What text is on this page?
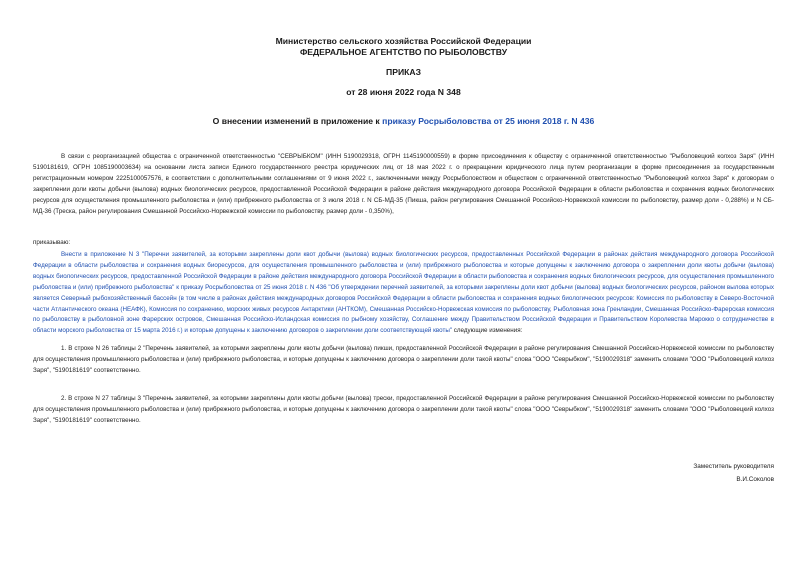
Министерство сельского хозяйства Российской Федерации
ФЕДЕРАЛЬНОЕ АГЕНТСТВО ПО РЫБОЛОВСТВУ
ПРИКАЗ
от 28 июня 2022 года N 348
О внесении изменений в приложение к приказу Росрыболовства от 25 июня 2018 г. N 436
В связи с реорганизацией общества с ограниченной ответственностью "СЕВРЫБКОМ" (ИНН 5190029318, ОГРН 1145190000559) в форме присоединения к обществу с ограниченной ответственностью "Рыболовецкий колхоз Заря" (ИНН 5190181619, ОГРН 1085190003634) на основании листа записи Единого государственного реестра юридических лиц от 18 мая 2022 г. о прекращении юридического лица путем реорганизации в форме присоединения за государственным регистрационным номером 2225100057576, в соответствии с дополнительными соглашениями от 9 июня 2022 г., заключенными между Росрыболовством и обществом с ограниченной ответственностью "Рыболовецкий колхоз Заря" к договорам о закреплении доли квоты добычи (вылова) водных биологических ресурсов, предоставленной Российской Федерации в районе действия международного договора Российской Федерации в области рыболовства и сохранения водных биологических ресурсов для осуществления промышленного рыболовства и (или) прибрежного рыболовства от 3 июля 2018 г. N СБ-МД-35 (Пикша, район регулирования Смешанной Российско-Норвежской комиссии по рыболовству, размер доли - 0,288%) и N СБ-МД-36 (Треска, район регулирования Смешанной Российско-Норвежской комиссии по рыболовству, размер доли - 0,350%),
приказываю:
Внести в приложение N 3 "Перечни заявителей, за которыми закреплены доли квот добычи (вылова) водных биологических ресурсов, предоставленных Российской Федерации в районах действия международного договора Российской Федерации в области рыболовства и сохранения водных биоресурсов, для осуществления промышленного рыболовства и (или) прибрежного рыболовства и которые допущены к заключению договора о закреплении доли квоты добычи (вылова) водных биологических ресурсов, предоставленной Российской Федерации в районе действия международного договора Российской Федерации в области рыболовства и сохранения водных биологических ресурсов, для осуществления промышленного рыболовства и (или) прибрежного рыболовства" к приказу Росрыболовства от 25 июня 2018 г. N 436 "Об утверждении перечней заявителей, за которыми закреплены доли квот добычи (вылова) водных биологических ресурсов, районом вылова которых является Северный рыбохозяйственный бассейн (в том числе в районах действия международных договоров Российской Федерации в области рыболовства и сохранения водных биологических ресурсов: Комиссия по рыболовству в Северо-Восточной части Атлантического океана (НЕАФК), Комиссия по сохранению, морских живых ресурсов Антарктики (АНТКОМ), Смешанная Российско-Норвежская комиссия по рыболовству, Рыболовная зона Гренландии, Смешанная Российско-Фарерская комиссия по рыболовству в рыболовной зоне Фарерских островов, Смешанная Российско-Исландская комиссия по рыбному хозяйству, Соглашение между Правительством Российской Федерации и Правительством Королевства Марокко о сотрудничестве в области морского рыболовства от 15 марта 2016 г.) и которые допущены к заключению договоров о закреплении доли соответствующей квоты" следующие изменения:
1. В строке N 26 таблицы 2 "Перечень заявителей, за которыми закреплены доли квоты добычи (вылова) пикши, предоставленной Российской Федерации в районе регулирования Смешанной Российско-Норвежской комиссии по рыболовству для осуществления промышленного рыболовства и (или) прибрежного рыболовства, и которые допущены к заключению договора о закреплении доли такой квоты" слова "ООО "Севрыбком", "5190029318" заменить словами "ООО "Рыболовецкий колхоз Заря", "5190181619" соответственно.
2. В строке N 27 таблицы 3 "Перечень заявителей, за которыми закреплены доли квоты добычи (вылова) трески, предоставленной Российской Федерации в районе регулирования Смешанной Российско-Норвежской комиссии по рыболовству для осуществления промышленного рыболовства и (или) прибрежного рыболовства, и которые допущены к заключению договора о закреплении доли такой квоты" слова "ООО "Севрыбком", "5190029318" заменить словами "ООО "Рыболовецкий колхоз Заря", "5190181619" соответственно.
Заместитель руководителя
В.И.Соколов
